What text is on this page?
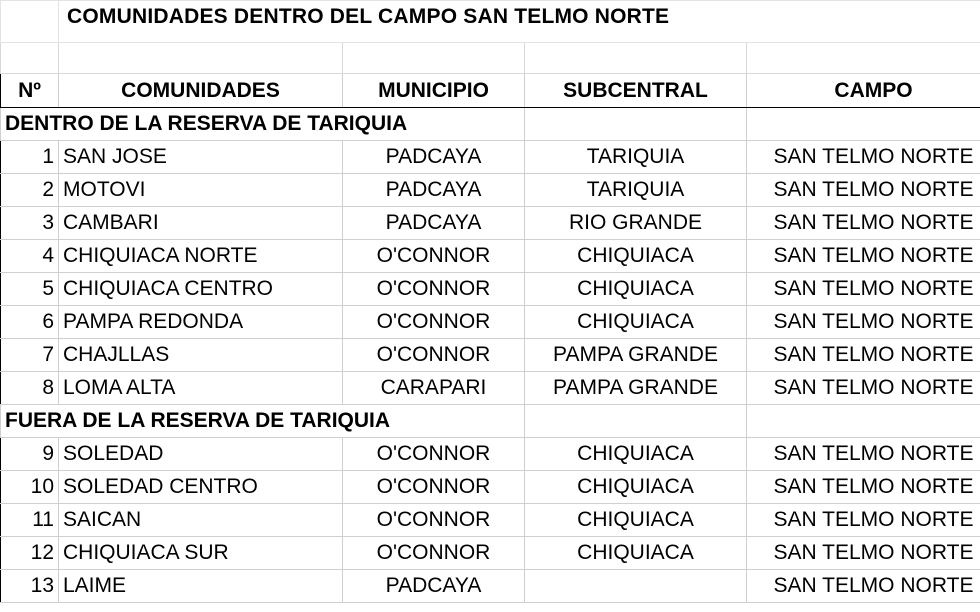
	COMUNIDADES DENTRO DEL CAMPO SAN TELMO NORTE			

Nº	COMUNIDADES	MUNICIPIO	SUBCENTRAL	CAMPO
DENTRO DE LA RESERVA DE TARIQUIA				
1	SAN JOSE	PADCAYA	TARIQUIA	SAN TELMO NORTE
2	MOTOVI	PADCAYA	TARIQUIA	SAN TELMO NORTE
3	CAMBARI	PADCAYA	RIO GRANDE	SAN TELMO NORTE
4	CHIQUIACA NORTE	O'CONNOR	CHIQUIACA	SAN TELMO NORTE
5	CHIQUIACA CENTRO	O'CONNOR	CHIQUIACA	SAN TELMO NORTE
6	PAMPA REDONDA	O'CONNOR	CHIQUIACA	SAN TELMO NORTE
7	CHAJLLAS	O'CONNOR	PAMPA GRANDE	SAN TELMO NORTE
8	LOMA ALTA	CARAPARI	PAMPA GRANDE	SAN TELMO NORTE
FUERA DE LA RESERVA DE TARIQUIA				
9	SOLEDAD	O'CONNOR	CHIQUIACA	SAN TELMO NORTE
10	SOLEDAD CENTRO	O'CONNOR	CHIQUIACA	SAN TELMO NORTE
11	SAICAN	O'CONNOR	CHIQUIACA	SAN TELMO NORTE
12	CHIQUIACA SUR	O'CONNOR	CHIQUIACA	SAN TELMO NORTE
13	LAIME	PADCAYA		SAN TELMO NORTE
